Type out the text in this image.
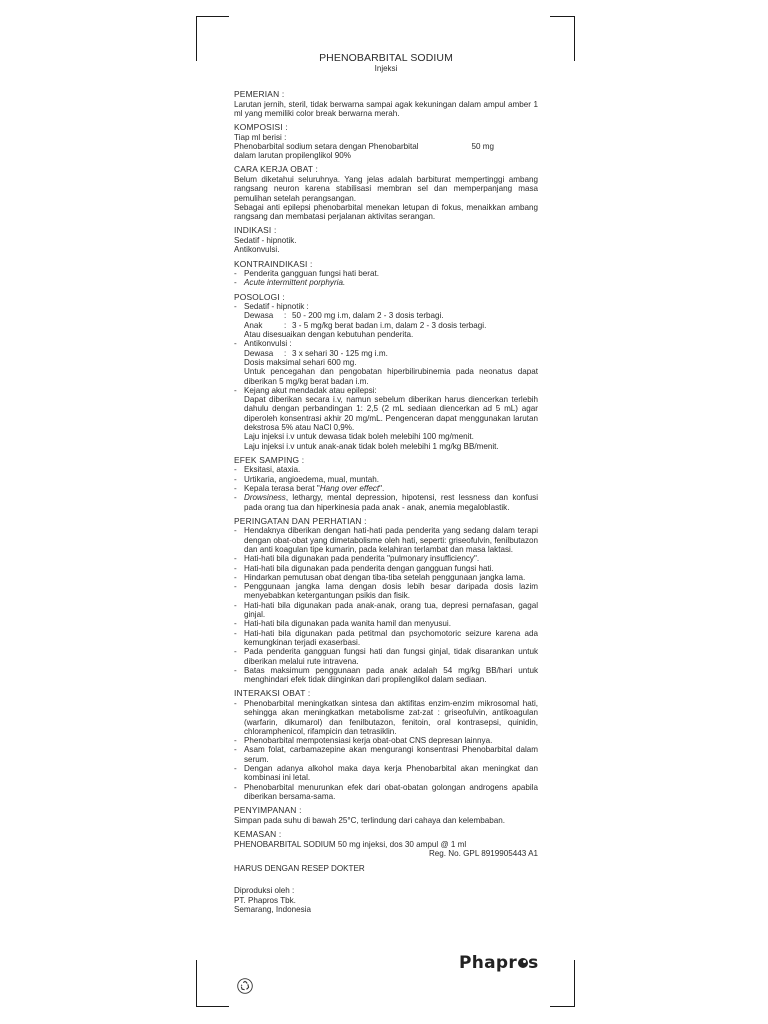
PHENOBARBITAL SODIUM
Injeksi
PEMERIAN :

Larutan jernih, steril, tidak berwarna sampai agak kekuningan dalam ampul amber 1 ml yang memiliki color break berwarna merah.

KOMPOSISI :

Tiap ml berisi :

Phenobarbital sodium setara dengan Phenobarbital	50 mg

dalam larutan propilenglikol 90%

CARA KERJA OBAT :

Belum diketahui seluruhnya. Yang jelas adalah barbiturat mempertinggi ambang rangsang neuron karena stabilisasi membran sel dan memperpanjang masa pemulihan setelah perangsangan.

Sebagai anti epilepsi phenobarbital menekan letupan di fokus, menaikkan ambang rangsang dan membatasi perjalanan aktivitas serangan.

INDIKASI :

Sedatif - hipnotik.

Antikonvulsi.

KONTRAINDIKASI :
- Penderita gangguan fungsi hati berat.
- Acute intermittent porphyria.
POSOLOGI :
- Sedatif - hipnotik :
Dewasa	: 50 - 200 mg i.m, dalam 2 - 3 dosis terbagi.
Anak	: 3 - 5 mg/kg berat badan i.m, dalam 2 - 3 dosis terbagi.
Atau disesuaikan dengan kebutuhan penderita.
- Antikonvulsi :
Dewasa	: 3 x sehari 30 - 125 mg i.m.
Dosis maksimal sehari 600 mg.

Untuk pencegahan dan pengobatan hiperbilirubinemia pada neonatus dapat diberikan 5 mg/kg berat badan i.m.

- Kejang akut mendadak atau epilepsi:

Dapat diberikan secara i.v, namun sebelum diberikan harus diencerkan terlebih dahulu dengan perbandingan 1: 2,5 (2 mL sediaan diencerkan ad 5 mL) agar diperoleh konsentrasi akhir 20 mg/mL. Pengenceran dapat menggunakan larutan dekstrosa 5% atau NaCl 0,9%.

Laju injeksi i.v untuk dewasa tidak boleh melebihi 100 mg/menit.
Laju injeksi i.v untuk anak-anak tidak boleh melebihi 1 mg/kg BB/menit.
EFEK SAMPING :
- Eksitasi, ataxia.
- Urtikaria, angioedema, mual, muntah.
- Kepala terasa berat "Hang over effect".
- Drowsiness, lethargy, mental depression, hipotensi, rest lessness dan konfusi pada orang tua dan hiperkinesia pada anak - anak, anemia megaloblastik.
PERINGATAN DAN PERHATIAN :
- Hendaknya diberikan dengan hati-hati pada penderita yang sedang dalam terapi dengan obat-obat yang dimetabolisme oleh hati, seperti: griseofulvin, fenilbutazon dan anti koagulan tipe kumarin, pada kelahiran terlambat dan masa laktasi.
- Hati-hati bila digunakan pada penderita "pulmonary insufficiency".
- Hati-hati bila digunakan pada penderita dengan gangguan fungsi hati.
- Hindarkan pemutusan obat dengan tiba-tiba setelah penggunaan jangka lama.
- Penggunaan jangka lama dengan dosis lebih besar daripada dosis lazim menyebabkan ketergantungan psikis dan fisik.
- Hati-hati bila digunakan pada anak-anak, orang tua, depresi pernafasan, gagal ginjal.
- Hati-hati bila digunakan pada wanita hamil dan menyusui.
- Hati-hati bila digunakan pada petitmal dan psychomotoric seizure karena ada kemungkinan terjadi exaserbasi.
- Pada penderita gangguan fungsi hati dan fungsi ginjal, tidak disarankan untuk diberikan melalui rute intravena.
- Batas maksimum penggunaan pada anak adalah 54 mg/kg BB/hari untuk menghindari efek tidak diinginkan dari propilenglikol dalam sediaan.
INTERAKSI OBAT :
- Phenobarbital meningkatkan sintesa dan aktifitas enzim-enzim mikrosomal hati, sehingga akan meningkatkan metabolisme zat-zat : griseofulvin, antikoagulan (warfarin, dikumarol) dan fenilbutazon, fenitoin, oral kontrasepsi, quinidin, chloramphenicol, rifampicin dan tetrasiklin.
- Phenobarbital mempotensiasi kerja obat-obat CNS depresan lainnya.
- Asam folat, carbamazepine akan mengurangi konsentrasi Phenobarbital dalam serum.
- Dengan adanya alkohol maka daya kerja Phenobarbital akan meningkat dan kombinasi ini letal.
- Phenobarbital menurunkan efek dari obat-obatan golongan androgens apabila diberikan bersama-sama.
PENYIMPANAN :

Simpan pada suhu di bawah 25°C, terlindung dari cahaya dan kelembaban.

KEMASAN :

PHENOBARBITAL SODIUM 50 mg injeksi, dos 30 ampul @ 1 ml

Reg. No. GPL 8919905443 A1
HARUS DENGAN RESEP DOKTER
Diproduksi oleh :
PT. Phapros Tbk.
Semarang, Indonesia
Phapr s
